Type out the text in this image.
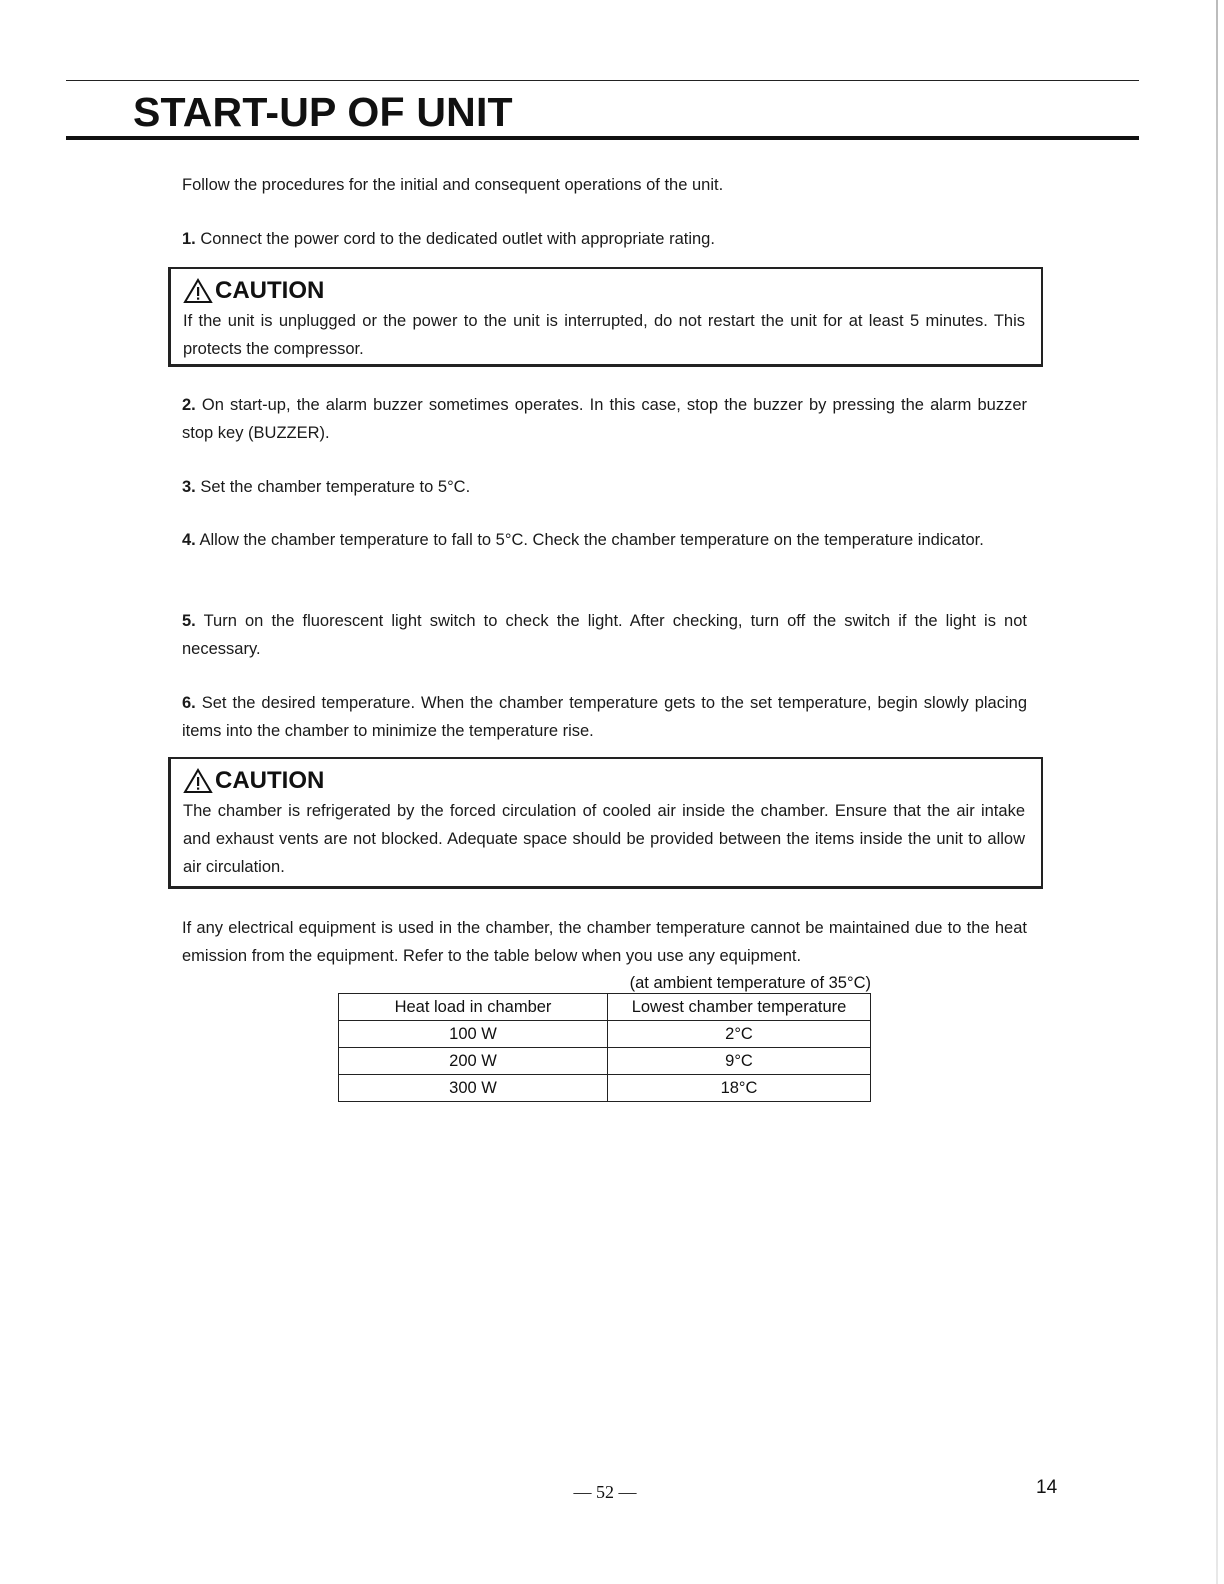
START-UP OF UNIT

Follow the procedures for the initial and consequent operations of the unit.

1. Connect the power cord to the dedicated outlet with appropriate rating.

CAUTION

If the unit is unplugged or the power to the unit is interrupted, do not restart the unit for at least 5 minutes. This protects the compressor.

2. On start-up, the alarm buzzer sometimes operates. In this case, stop the buzzer by pressing the alarm buzzer stop key (BUZZER).

3. Set the chamber temperature to 5°C.

4. Allow the chamber temperature to fall to 5°C. Check the chamber temperature on the temperature indicator.

5. Turn on the fluorescent light switch to check the light. After checking, turn off the switch if the light is not necessary.

6. Set the desired temperature. When the chamber temperature gets to the set temperature, begin slowly placing items into the chamber to minimize the temperature rise.

CAUTION

The chamber is refrigerated by the forced circulation of cooled air inside the chamber. Ensure that the air intake and exhaust vents are not blocked. Adequate space should be provided between the items inside the unit to allow air circulation.

If any electrical equipment is used in the chamber, the chamber temperature cannot be maintained due to the heat emission from the equipment. Refer to the table below when you use any equipment.

(at ambient temperature of 35°C)

Heat load in chamber	Lowest chamber temperature
100 W	2°C
200 W	9°C
300 W	18°C
— 52 —	14
